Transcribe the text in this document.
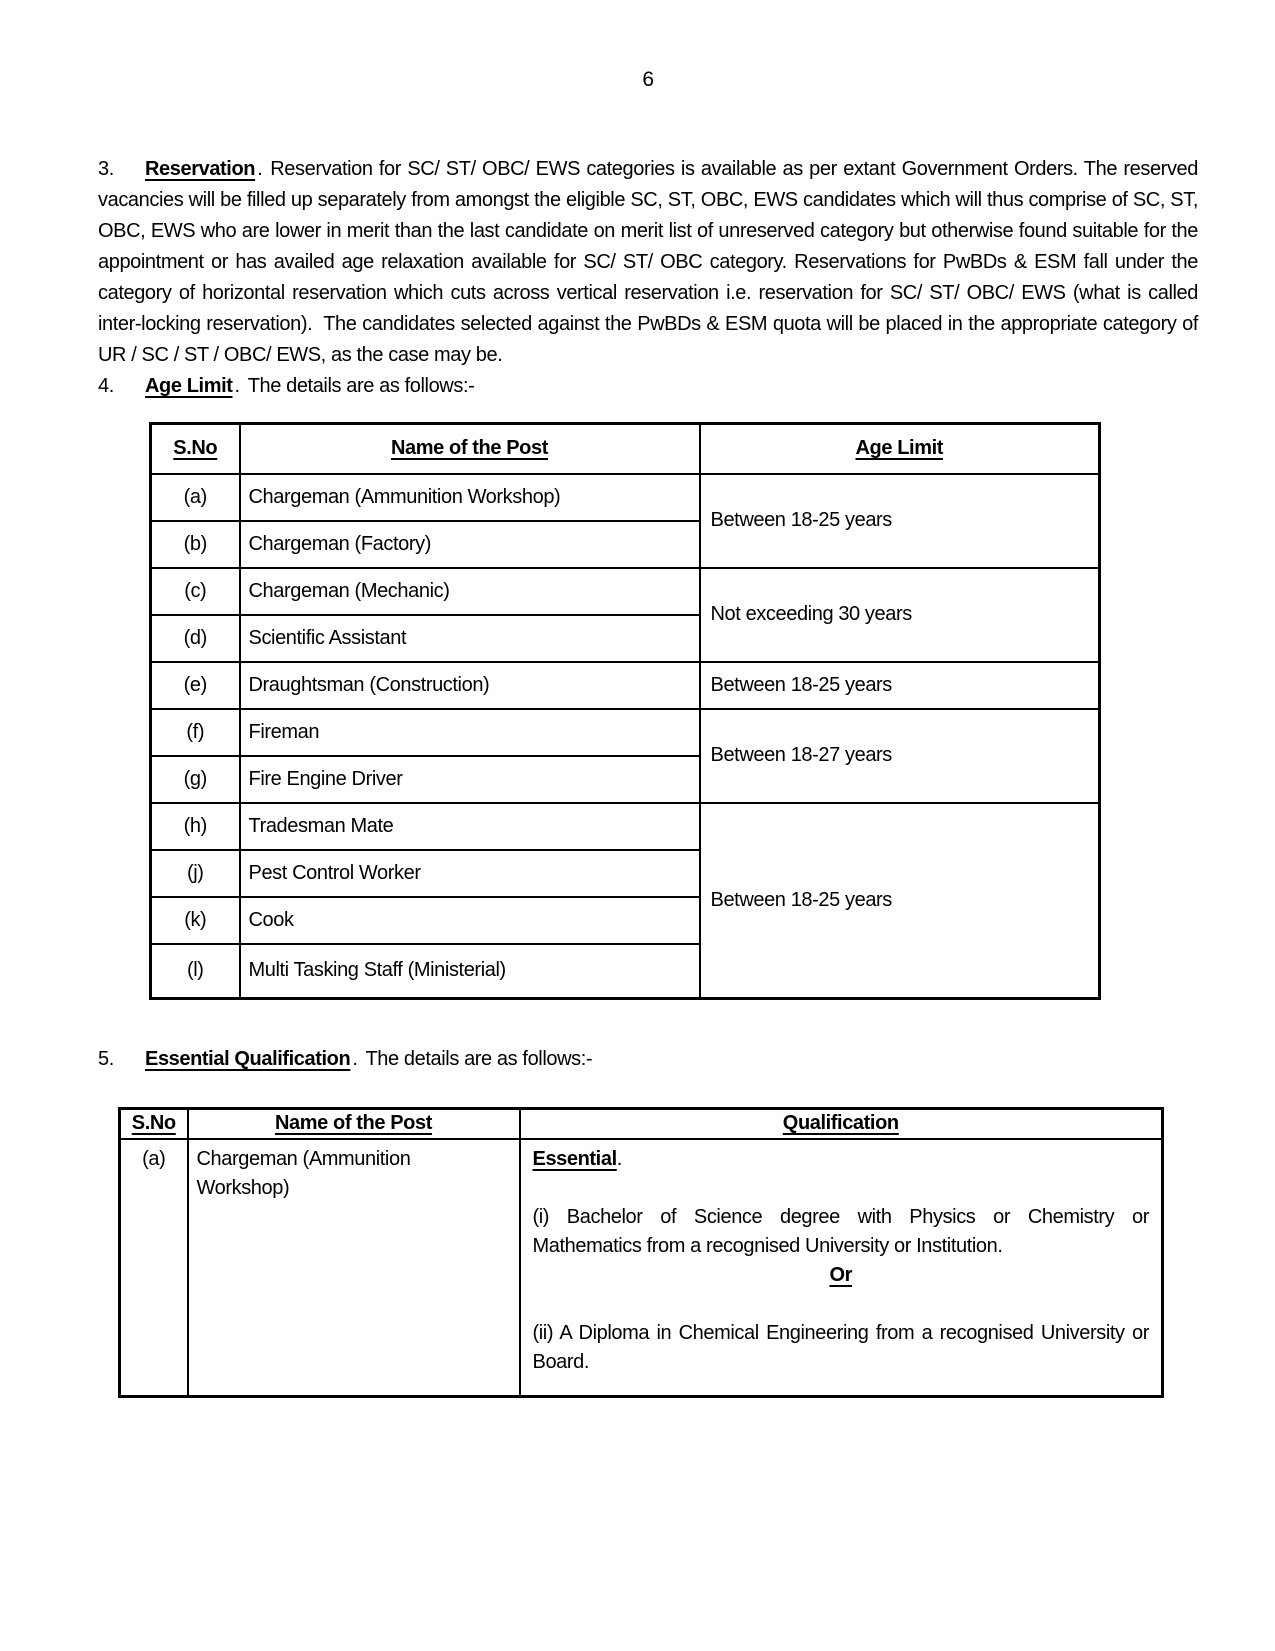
6

3. Reservation . Reservation for SC/ ST/ OBC/ EWS categories is available as per extant Government Orders. The reserved vacancies will be filled up separately from amongst the eligible SC, ST, OBC, EWS candidates which will thus comprise of SC, ST, OBC, EWS who are lower in merit than the last candidate on merit list of unreserved category but otherwise found suitable for the appointment or has availed age relaxation available for SC/ ST/ OBC category. Reservations for PwBDs & ESM fall under the category of horizontal reservation which cuts across vertical reservation i.e. reservation for SC/ ST/ OBC/ EWS (what is called inter-locking reservation).  The candidates selected against the PwBDs & ESM quota will be placed in the appropriate category of UR / SC / ST / OBC/ EWS, as the case may be.

4. Age Limit . The details are as follows:-

S.No	Name of the Post	Age Limit
(a)	Chargeman (Ammunition Workshop)	Between 18-25 years
(b)	Chargeman (Factory)	
(c)	Chargeman (Mechanic)	Not exceeding 30 years
(d)	Scientific Assistant	
(e)	Draughtsman (Construction)	Between 18-25 years
(f)	Fireman	Between 18-27 years
(g)	Fire Engine Driver	
(h)	Tradesman Mate	Between 18-25 years
(j)	Pest Control Worker	
(k)	Cook	
(l)	Multi Tasking Staff (Ministerial)	

5. Essential Qualification . The details are as follows:-

S.No	Name of the Post	Qualification
(a)	Chargeman (Ammunition Workshop)	Essential.
(i) Bachelor of Science degree with Physics or Chemistry or Mathematics from a recognised University or Institution.
Or
(ii) A Diploma in Chemical Engineering from a recognised University or Board.
